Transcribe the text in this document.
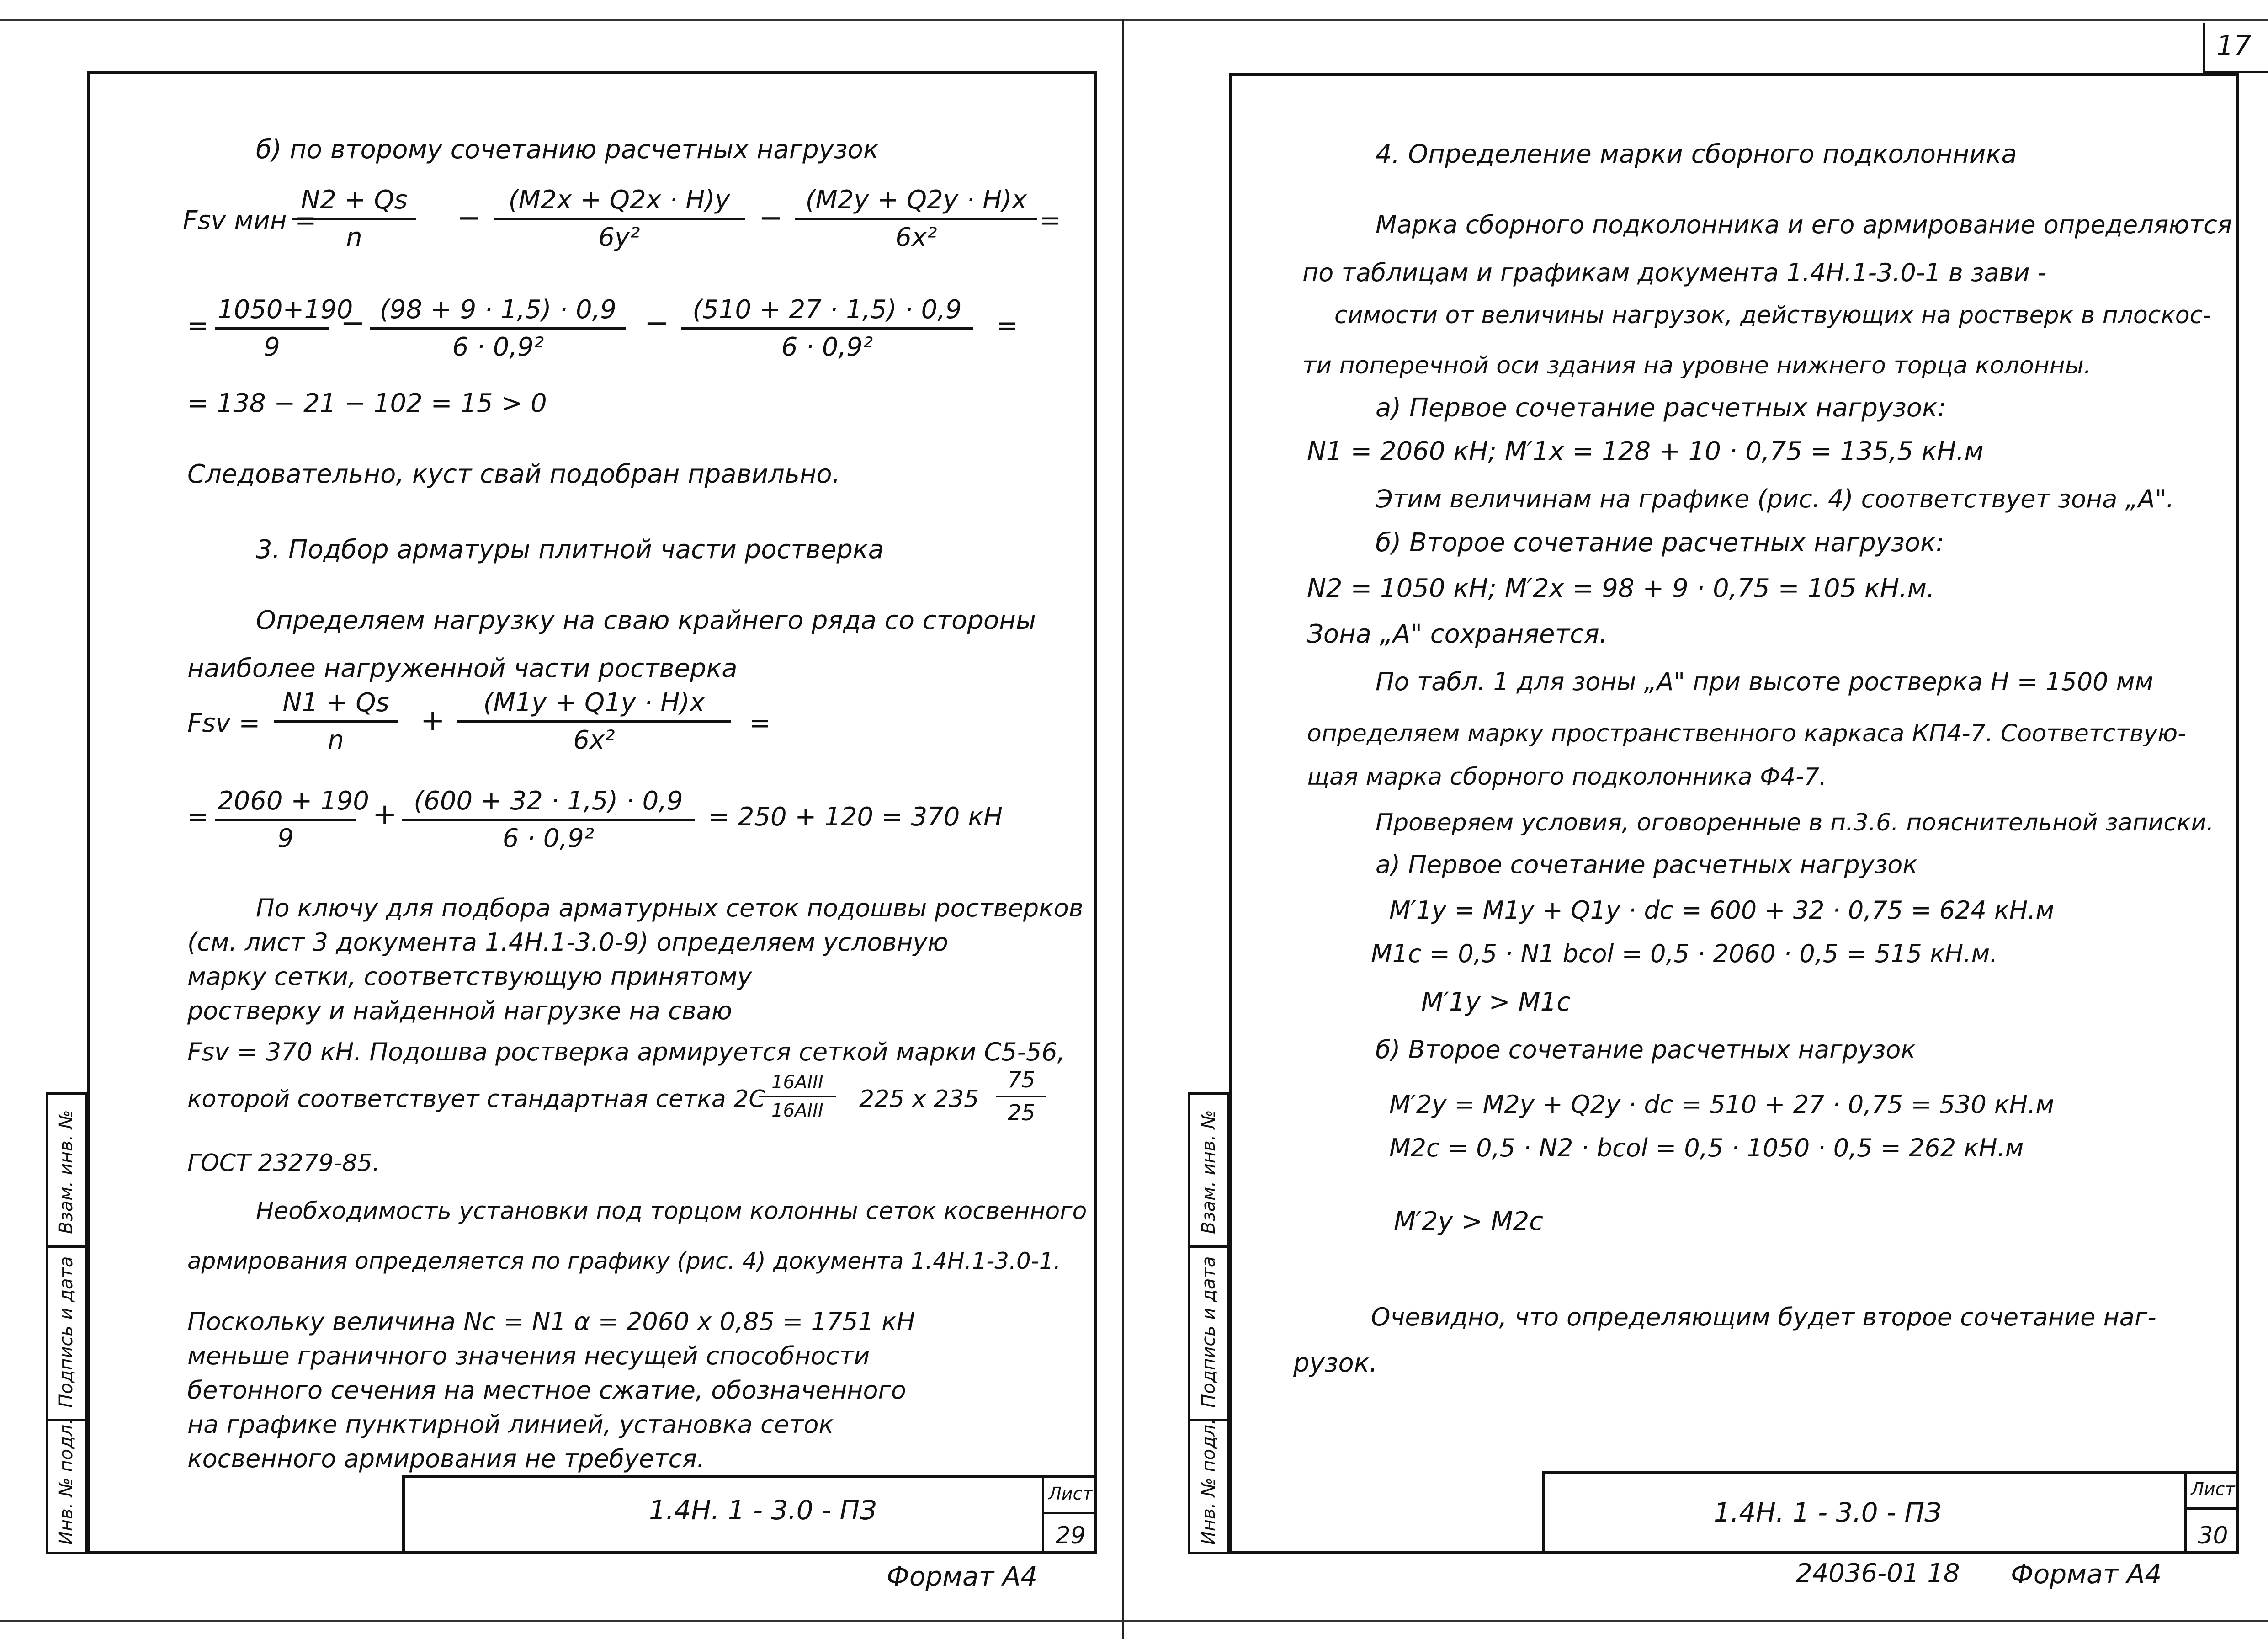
б) по второму сочетанию расчетных нагрузок
Fsv мин =
$\frac{N2 + Qs}{n} - \frac{(M2x + Q2x \cdot H)y}{\text{6y²}} - \frac{(M2y + Q2y \cdot H)x}{\text{6x²}}$ =
= $\frac{1050+190}{9} - \frac{(98 + 9 \cdot 1,5) \cdot 0,9}{\text{6 · 0,9²}} - \frac{(510 + 27 \cdot 1,5) \cdot 0,9}{\text{6 · 0,9²}}$ =
= 138 − 21 − 102 = 15 > 0
Следовательно, куст свай подобран правильно.
3. Подбор арматуры плитной части ростверка
Определяем нагрузку на сваю крайнего ряда со стороны
наиболее нагруженной части ростверка
Fsv = $\frac{N1 + Qs}{n} + \frac{(M1y + Q1y \cdot H)x}{\text{6x²}}$ =
= $\frac{2060 + 190}{9} + \frac{(600 + 32 \cdot 1,5) \cdot 0,9}{\text{6 · 0,9²}} = 250 + 120 = 370$ кН
По ключу для подбора арматурных сеток подошвы ростверков
(см. лист 3 документа 1.4Н.1-3.0-9) определяем условную
марку сетки, соответствующую принятому
ростверку и найденной нагрузке на сваю
Fsv = 370 кН. Подошва ростверка армируется сеткой марки С5-56,
которой соответствует стандартная сетка 2С
16AIII
16AIII	225 x $235 \frac{75}{25}$
ГОСТ 23279-85.
Необходимость установки под торцом колонны сеток косвенного
армирования определяется по графику (рис. 4) документа 1.4Н.1-3.0-1.
Поскольку величина Nс = N1 α = 2060 x 0,85 = 1751 кН
меньше граничного значения несущей способности
бетонного сечения на местное сжатие, обозначенного
на графике пунктирной линией, установка сеток
косвенного армирования не требуется.
Взам. инв. №
Подпись и дата
Инв. № подл.	1.4Н. 1 - 3.0 - ПЗ
Лист
29
Формат А4
17
4. Определение марки сборного подколонника
Марка сборного подколонника и его армирование определяются
по таблицам и графикам документа 1.4Н.1-3.0-1 в зави -
симости от величины нагрузок, действующих на ростверк в плоскос-
ти поперечной оси здания на уровне нижнего торца колонны.
а) Первое сочетание расчетных нагрузок:
N1 = 2060 кН; M′1x = 128 + 10 · 0,75 = 135,5 кН.м
Этим величинам на графике (рис. 4) соответствует зона „А".
б) Второе сочетание расчетных нагрузок:
N2 = 1050 кН; M′2x = 98 + 9 · 0,75 = 105 кН.м.
Зона „А" сохраняется.
По табл. 1 для зоны „А" при высоте ростверка H = 1500 мм
определяем марку пространственного каркаса КП4-7. Соответствую-
щая марка сборного подколонника Ф4-7.
Проверяем условия, оговоренные в п.3.6. пояснительной записки.
а) Первое сочетание расчетных нагрузок
M′1y = M1y + Q1y · dc = 600 + 32 · 0,75 = 624 кН.м
M1c = 0,5 · N1 bcol = 0,5 · 2060 · 0,5 = 515 кН.м.
M′1y > M1c
б) Второе сочетание расчетных нагрузок
M′2y = M2y + Q2y · dc = 510 + 27 · 0,75 = 530 кН.м
M2c = 0,5 · N2 · bcol = 0,5 · 1050 · 0,5 = 262 кН.м
M′2y > M2c
Очевидно, что определяющим будет второе сочетание наг-
рузок.
Взам. инв. №
Подпись и дата
Инв. № подл.	1.4Н. 1 - 3.0 - ПЗ
Лист
30
24036-01 18 Формат А4
